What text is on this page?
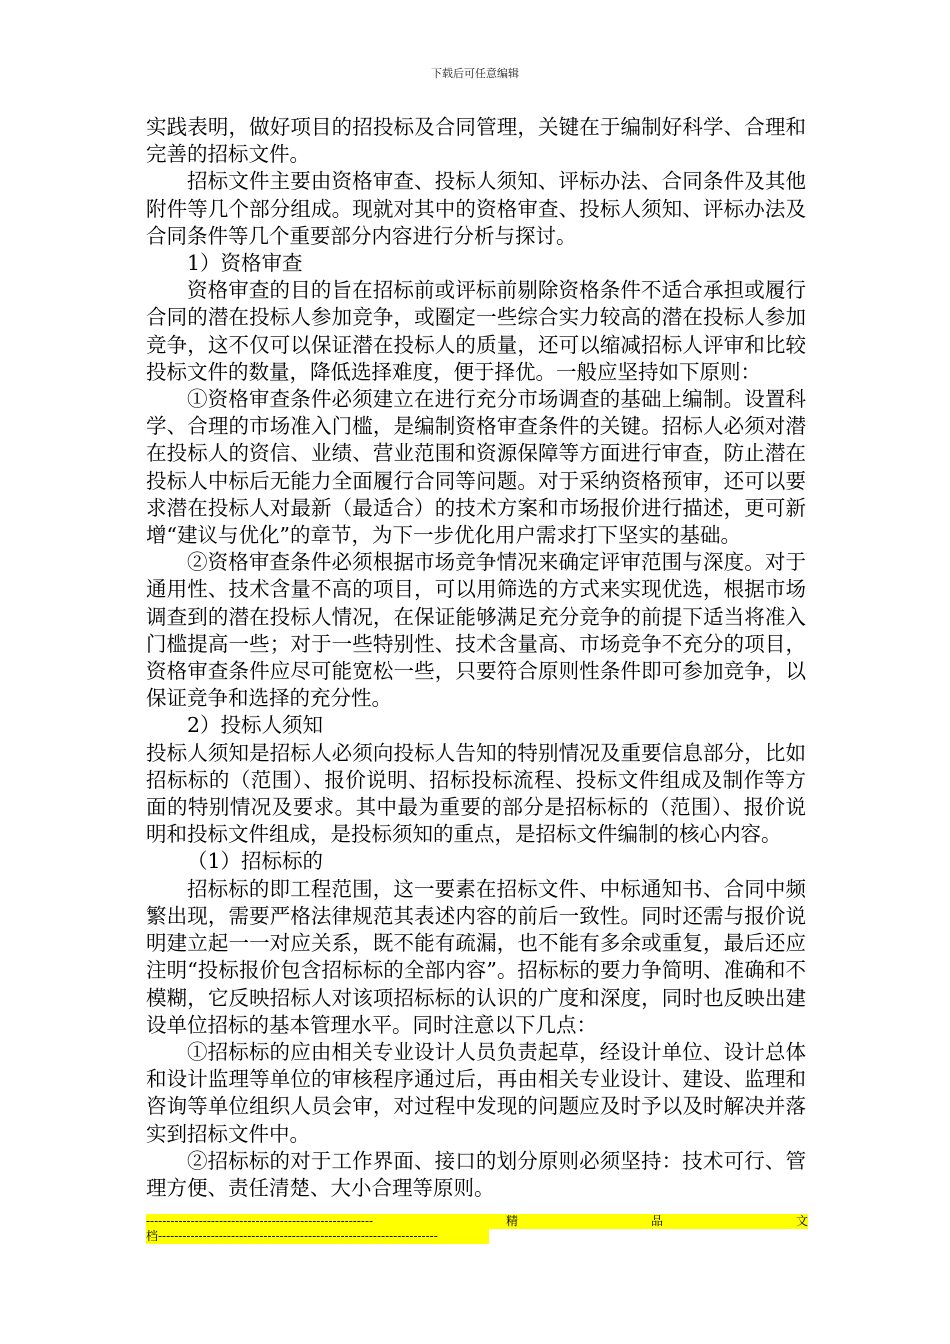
下载后可任意编辑

实践表明，做好项目的招投标及合同管理，关键在于编制好科学、合理和完善的招标文件。

招标文件主要由资格审查、投标人须知、评标办法、合同条件及其他附件等几个部分组成。现就对其中的资格审查、投标人须知、评标办法及合同条件等几个重要部分内容进行分析与探讨。

1）资格审查

资格审查的目的旨在招标前或评标前剔除资格条件不适合承担或履行合同的潜在投标人参加竞争，或圈定一些综合实力较高的潜在投标人参加竞争，这不仅可以保证潜在投标人的质量，还可以缩减招标人评审和比较投标文件的数量，降低选择难度，便于择优。一般应坚持如下原则：

①资格审查条件必须建立在进行充分市场调查的基础上编制。设置科学、合理的市场准入门槛，是编制资格审查条件的关键。招标人必须对潜在投标人的资信、业绩、营业范围和资源保障等方面进行审查，防止潜在投标人中标后无能力全面履行合同等问题。对于采纳资格预审，还可以要求潜在投标人对最新（最适合）的技术方案和市场报价进行描述，更可新增“建议与优化”的章节，为下一步优化用户需求打下坚实的基础。

②资格审查条件必须根据市场竞争情况来确定评审范围与深度。对于通用性、技术含量不高的项目，可以用筛选的方式来实现优选，根据市场调查到的潜在投标人情况，在保证能够满足充分竞争的前提下适当将准入门槛提高一些；对于一些特别性、技术含量高、市场竞争不充分的项目，资格审查条件应尽可能宽松一些，只要符合原则性条件即可参加竞争，以保证竞争和选择的充分性。

2）投标人须知

投标人须知是招标人必须向投标人告知的特别情况及重要信息部分，比如招标标的（范围）、报价说明、招标投标流程、投标文件组成及制作等方面的特别情况及要求。其中最为重要的部分是招标标的（范围）、报价说明和投标文件组成，是投标须知的重点，是招标文件编制的核心内容。

（1）招标标的

招标标的即工程范围，这一要素在招标文件、中标通知书、合同中频繁出现，需要严格法律规范其表述内容的前后一致性。同时还需与报价说明建立起一一对应关系，既不能有疏漏，也不能有多余或重复，最后还应注明“投标报价包含招标标的全部内容”。招标标的要力争简明、准确和不模糊，它反映招标人对该项招标标的认识的广度和深度，同时也反映出建设单位招标的基本管理水平。同时注意以下几点：

①招标标的应由相关专业设计人员负责起草，经设计单位、设计总体和设计监理等单位的审核程序通过后，再由相关专业设计、建设、监理和咨询等单位组织人员会审，对过程中发现的问题应及时予以及时解决并落实到招标文件中。

②招标标的对于工作界面、接口的划分原则必须坚持：技术可行、管理方便、责任清楚、大小合理等原则。

--------------------------------------------------------	精	品	文
档---------------------------------------------------------------------
